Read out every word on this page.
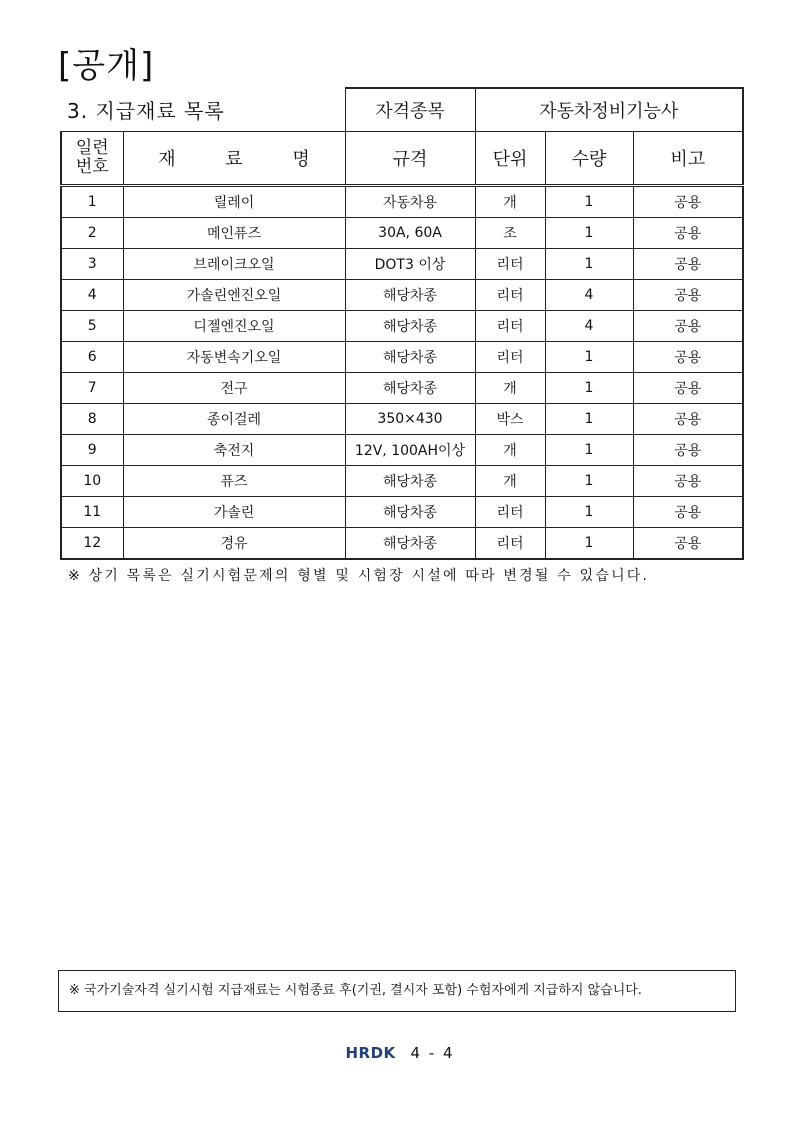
[공개]
3. 지급재료 목록		자격종목	자동차정비기능사		

일련
번호	재 료 명	규격	단위	수량	비고
1	릴레이	자동차용	개	1	공용
2	메인퓨즈	30A, 60A	조	1	공용
3	브레이크오일	DOT3 이상	리터	1	공용
4	가솔린엔진오일	해당차종	리터	4	공용
5	디젤엔진오일	해당차종	리터	4	공용
6	자동변속기오일	해당차종	리터	1	공용
7	전구	해당차종	개	1	공용
8	종이걸레	350×430	박스	1	공용
9	축전지	12V, 100AH이상	개	1	공용
10	퓨즈	해당차종	개	1	공용
11	가솔린	해당차종	리터	1	공용
12	경유	해당차종	리터	1	공용
※ 상기 목록은 실기시험문제의 형별 및 시험장 시설에 따라 변경될 수 있습니다.
※ 국가기술자격 실기시험 지급재료는 시험종료 후(기권, 결시자 포함) 수험자에게 지급하지 않습니다.
HRDK 4 - 4
